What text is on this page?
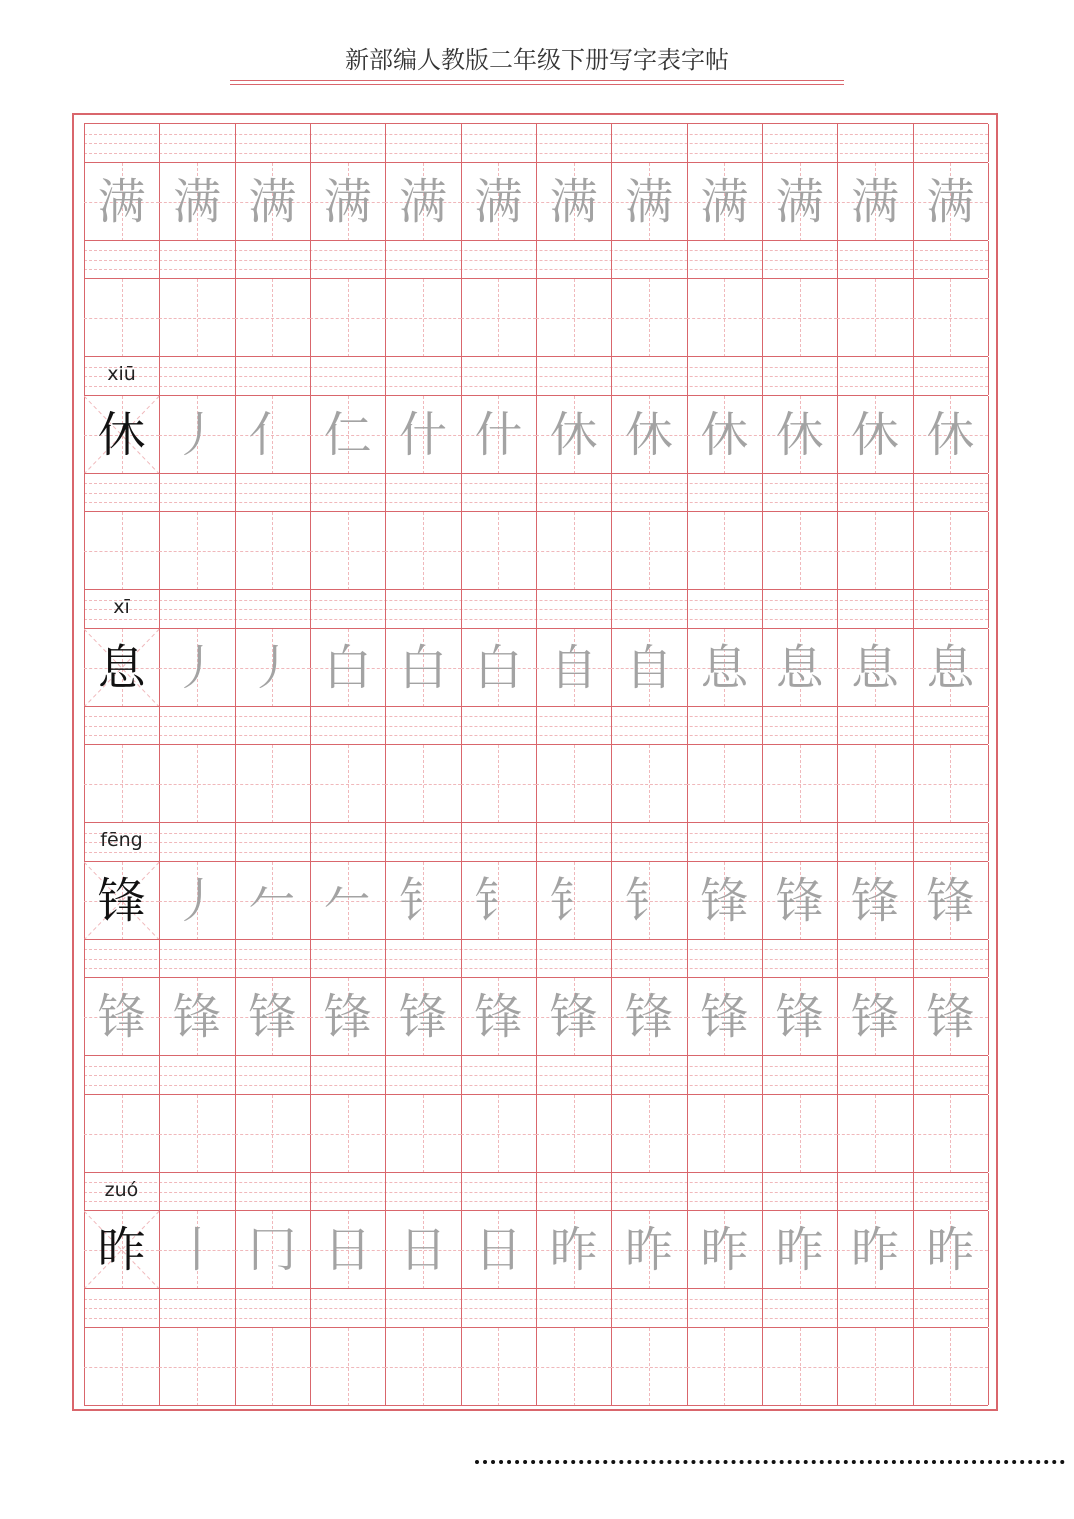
新部编人教版二年级下册写字表字帖
满 满 满 满 满 满 满 满 满 满 满 满
xiū
休 丿 亻 仁 什 什 休 休 休 休 休 休
xī
息 丿 丿 白 白 白 自 自 息 息 息 息
fēng
锋 丿 𠂉 𠂉 钅 钅 钅 钅 锋 锋 锋 锋
锋 锋 锋 锋 锋 锋 锋 锋 锋 锋 锋 锋
zuó
昨 丨 冂 日 日 日 昨 昨 昨 昨 昨 昨
